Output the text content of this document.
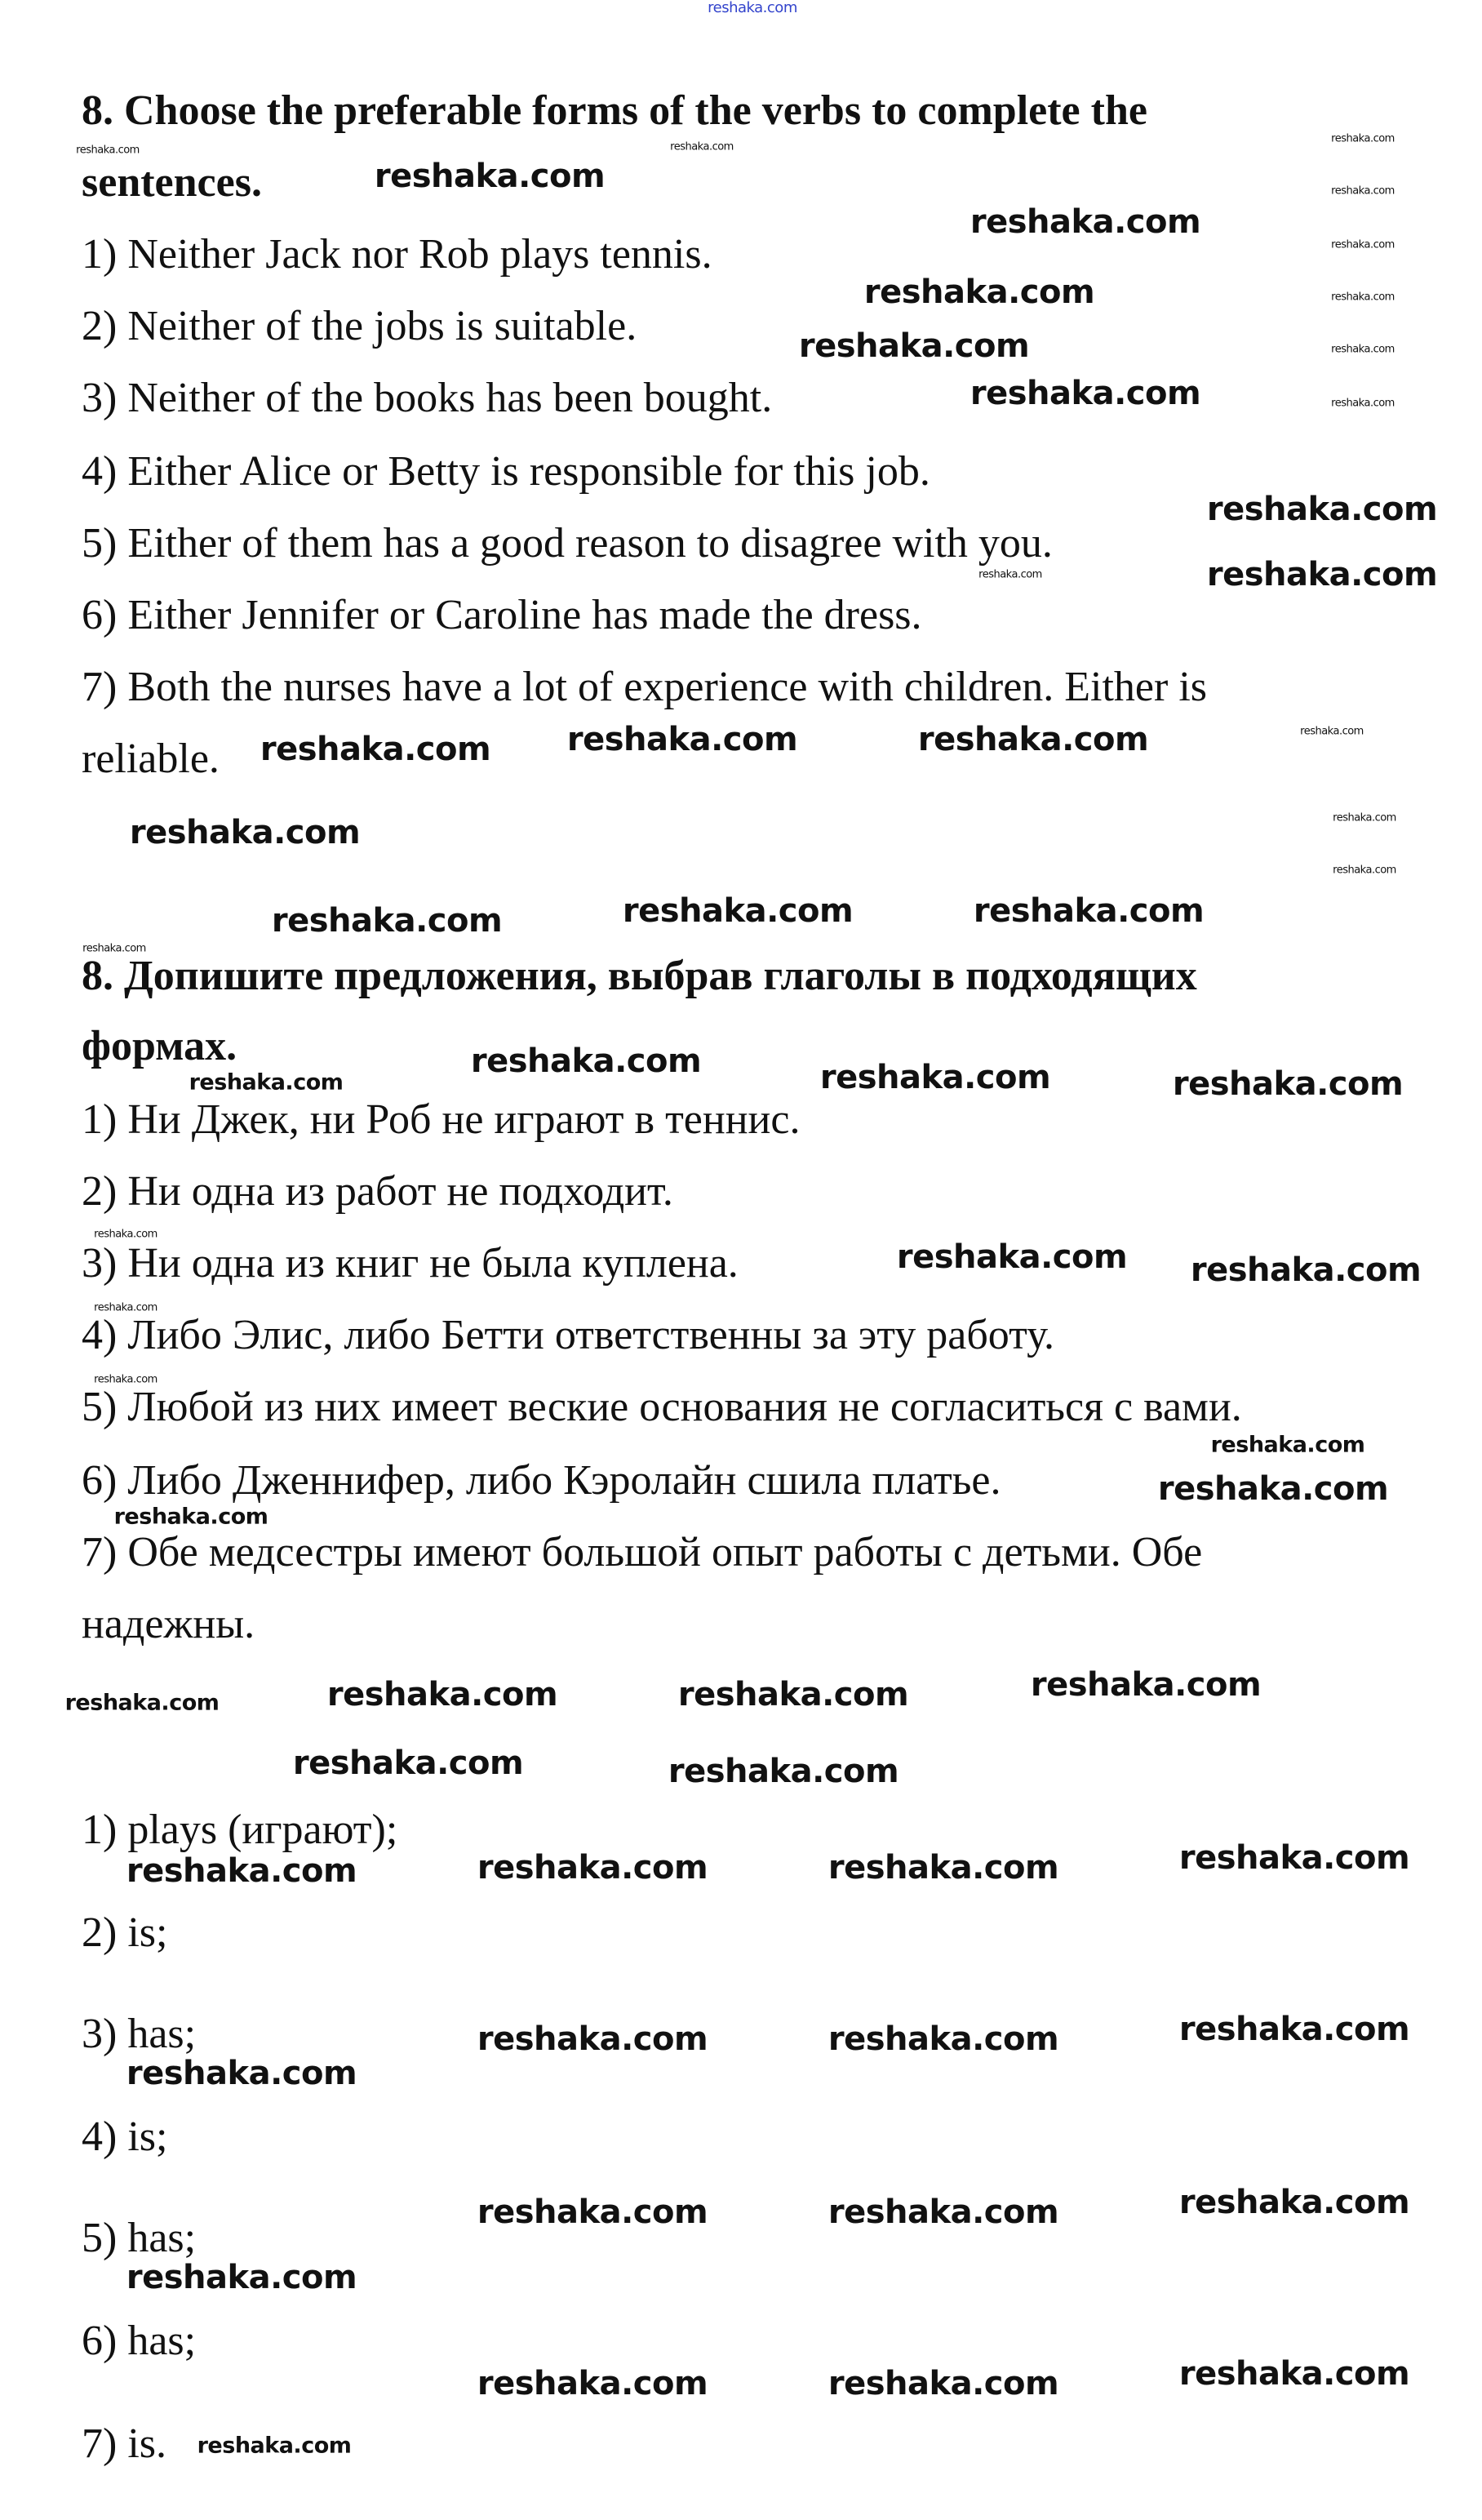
8. Choose the preferable forms of the verbs to complete the
sentences.
1) Neither Jack nor Rob plays tennis.
2) Neither of the jobs is suitable.
3) Neither of the books has been bought.
4) Either Alice or Betty is responsible for this job.
5) Either of them has a good reason to disagree with you.
6) Either Jennifer or Caroline has made the dress.
7) Both the nurses have a lot of experience with children. Either is
reliable.
8. Допишите предложения, выбрав глаголы в подходящих
формах.
1) Ни Джек, ни Роб не играют в теннис.
2) Ни одна из работ не подходит.
3) Ни одна из книг не была куплена.
4) Либо Элис, либо Бетти ответственны за эту работу.
5) Любой из них имеет веские основания не согласиться с вами.
6) Либо Дженнифер, либо Кэролайн сшила платье.
7) Обе медсестры имеют большой опыт работы с детьми. Обе
надежны.
1) plays (играют);
2) is;
3) has;
4) is;
5) has;
6) has;
7) is.
reshaka.com
reshaka.com
reshaka.com
reshaka.com
reshaka.com
reshaka.com
reshaka.com
reshaka.com
reshaka.com
reshaka.com reshaka.com	reshaka.com
reshaka.com	reshaka.com	reshaka.com
reshaka.com	reshaka.com	reshaka.com
reshaka.com reshaka.com
reshaka.com
reshaka.com
reshaka.com
reshaka.com	reshaka.com	reshaka.com
reshaka.com	reshaka.com	reshaka.com	reshaka.com
reshaka.com	reshaka.com	reshaka.com
reshaka.com
reshaka.com	reshaka.com	reshaka.com
reshaka.com
reshaka.com	reshaka.com	reshaka.com
reshaka.com
reshaka.com
reshaka.com
reshaka.com
reshaka.com
reshaka.com
reshaka.com
reshaka.com
reshaka.com
reshaka.com
reshaka.com
reshaka.com
reshaka.com
reshaka.com
reshaka.com
reshaka.com
reshaka.com
reshaka.com
reshaka.com
reshaka.com
reshaka.com
